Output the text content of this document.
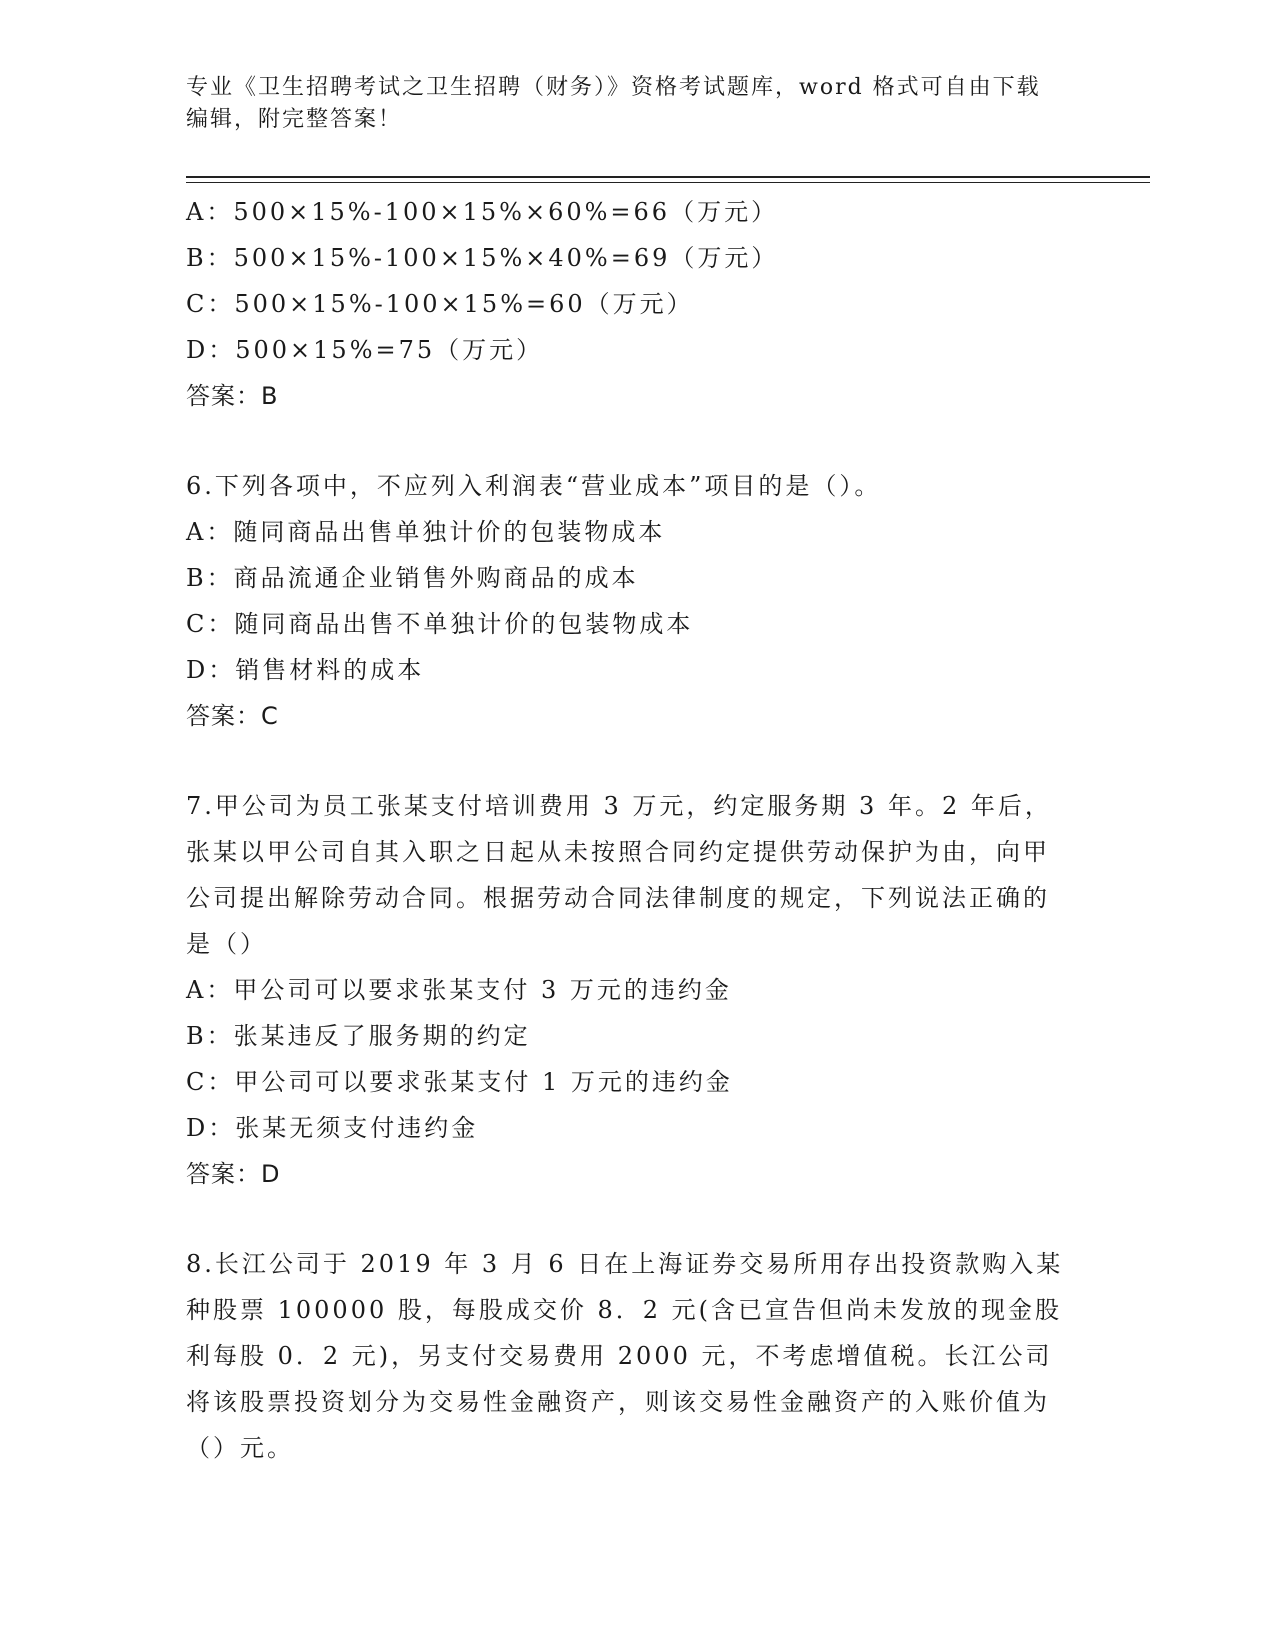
专业《卫生招聘考试之卫生招聘（财务）》资格考试题库，word 格式可自由下载
编辑，附完整答案！
A：500×15%-100×15%×60%=66（万元）
B：500×15%-100×15%×40%=69（万元）
C：500×15%-100×15%=60（万元）
D：500×15%=75（万元）
答案：B
6.下列各项中，不应列入利润表“营业成本”项目的是（）。
A：随同商品出售单独计价的包装物成本
B：商品流通企业销售外购商品的成本
C：随同商品出售不单独计价的包装物成本
D：销售材料的成本
答案：C
7.甲公司为员工张某支付培训费用 3 万元，约定服务期 3 年。2 年后，张某以甲公司自其入职之日起从未按照合同约定提供劳动保护为由，向甲公司提出解除劳动合同。根据劳动合同法律制度的规定，下列说法正确的是（）
A：甲公司可以要求张某支付 3 万元的违约金
B：张某违反了服务期的约定
C：甲公司可以要求张某支付 1 万元的违约金
D：张某无须支付违约金
答案：D
8.长江公司于 2019 年 3 月 6 日在上海证券交易所用存出投资款购入某种股票 100000 股，每股成交价 8．2 元(含已宣告但尚未发放的现金股利每股 0．2 元)，另支付交易费用 2000 元，不考虑增值税。长江公司将该股票投资划分为交易性金融资产，则该交易性金融资产的入账价值为（）元。
